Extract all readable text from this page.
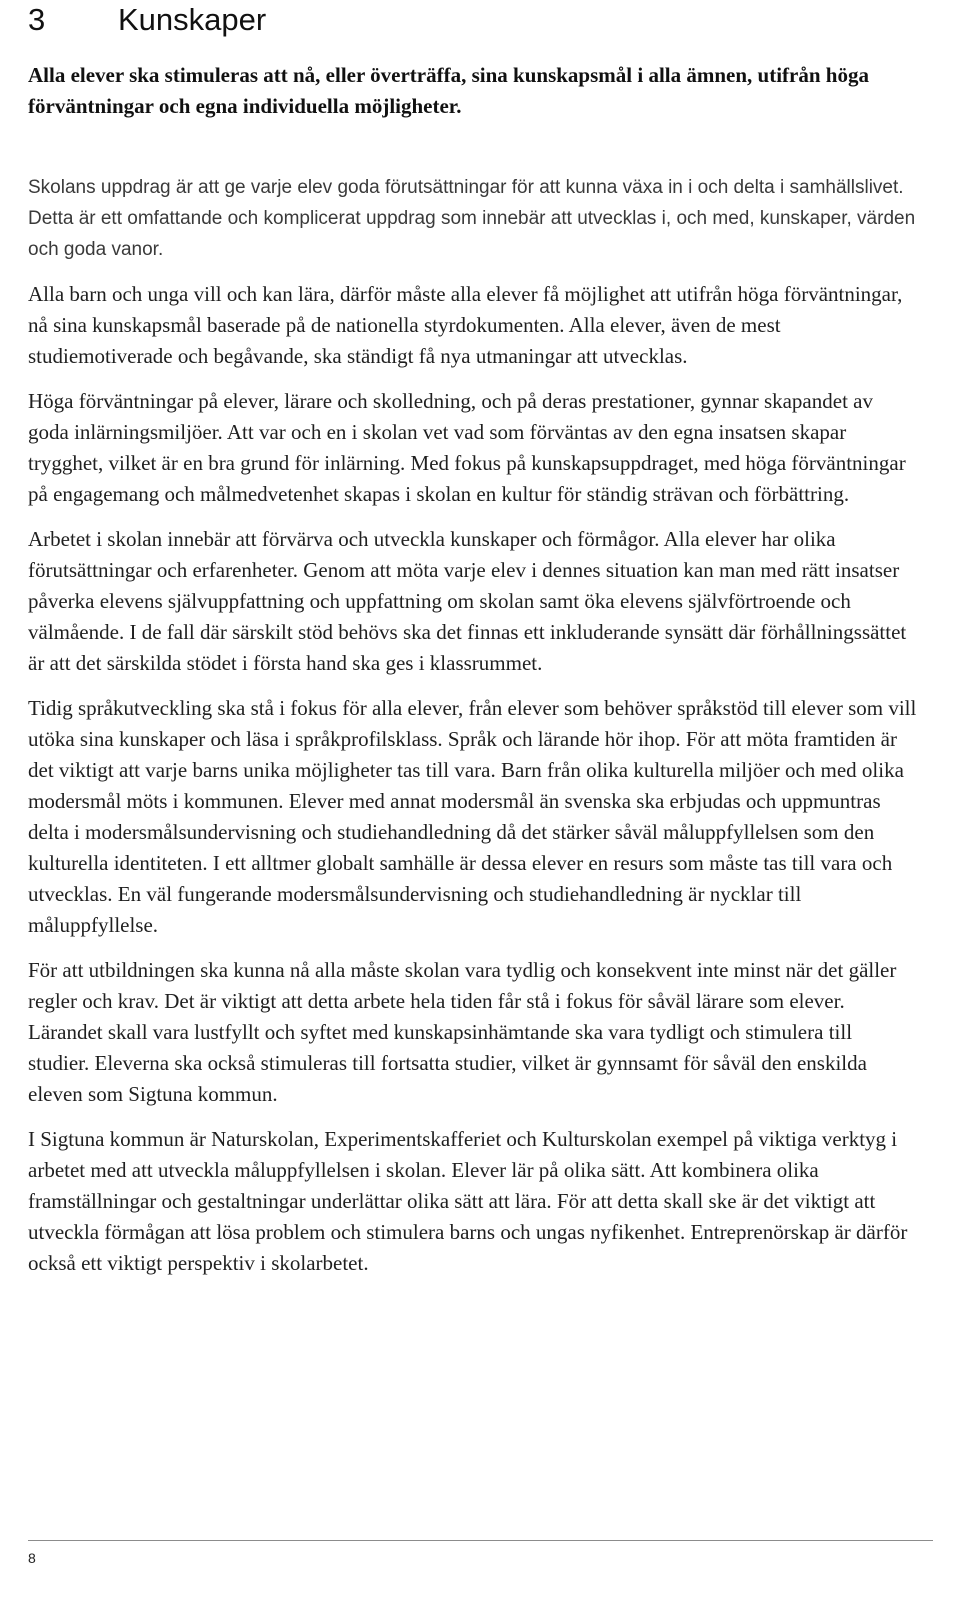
3 Kunskaper

Alla elever ska stimuleras att nå, eller överträffa, sina kunskapsmål i alla ämnen, utifrån höga förväntningar och egna individuella möjligheter.

Skolans uppdrag är att ge varje elev goda förutsättningar för att kunna växa in i och delta i samhällslivet. Detta är ett omfattande och komplicerat uppdrag som innebär att utvecklas i, och med, kunskaper, värden och goda vanor.

Alla barn och unga vill och kan lära, därför måste alla elever få möjlighet att utifrån höga förväntningar, nå sina kunskapsmål baserade på de nationella styrdokumenten. Alla elever, även de mest studiemotiverade och begåvande, ska ständigt få nya utmaningar att utvecklas.

Höga förväntningar på elever, lärare och skolledning, och på deras prestationer, gynnar skapandet av goda inlärningsmiljöer. Att var och en i skolan vet vad som förväntas av den egna insatsen skapar trygghet, vilket är en bra grund för inlärning. Med fokus på kunskapsuppdraget, med höga förväntningar på engagemang och målmedvetenhet skapas i skolan en kultur för ständig strävan och förbättring.

Arbetet i skolan innebär att förvärva och utveckla kunskaper och förmågor. Alla elever har olika förutsättningar och erfarenheter. Genom att möta varje elev i dennes situation kan man med rätt insatser påverka elevens självuppfattning och uppfattning om skolan samt öka elevens självförtroende och välmående. I de fall där särskilt stöd behövs ska det finnas ett inkluderande synsätt där förhållningssättet är att det särskilda stödet i första hand ska ges i klassrummet.

Tidig språkutveckling ska stå i fokus för alla elever, från elever som behöver språkstöd till elever som vill utöka sina kunskaper och läsa i språkprofilsklass. Språk och lärande hör ihop. För att möta framtiden är det viktigt att varje barns unika möjligheter tas till vara. Barn från olika kulturella miljöer och med olika modersmål möts i kommunen. Elever med annat modersmål än svenska ska erbjudas och uppmuntras delta i modersmålsundervisning och studiehandledning då det stärker såväl måluppfyllelsen som den kulturella identiteten. I ett alltmer globalt samhälle är dessa elever en resurs som måste tas till vara och utvecklas. En väl fungerande modersmålsundervisning och studiehandledning är nycklar till måluppfyllelse.

För att utbildningen ska kunna nå alla måste skolan vara tydlig och konsekvent inte minst när det gäller regler och krav. Det är viktigt att detta arbete hela tiden får stå i fokus för såväl lärare som elever. Lärandet skall vara lustfyllt och syftet med kunskapsinhämtande ska vara tydligt och stimulera till studier. Eleverna ska också stimuleras till fortsatta studier, vilket är gynnsamt för såväl den enskilda eleven som Sigtuna kommun.

I Sigtuna kommun är Naturskolan, Experimentskafferiet och Kulturskolan exempel på viktiga verktyg i arbetet med att utveckla måluppfyllelsen i skolan. Elever lär på olika sätt. Att kombinera olika framställningar och gestaltningar underlättar olika sätt att lära. För att detta skall ske är det viktigt att utveckla förmågan att lösa problem och stimulera barns och ungas nyfikenhet. Entreprenörskap är därför också ett viktigt perspektiv i skolarbetet.

8
